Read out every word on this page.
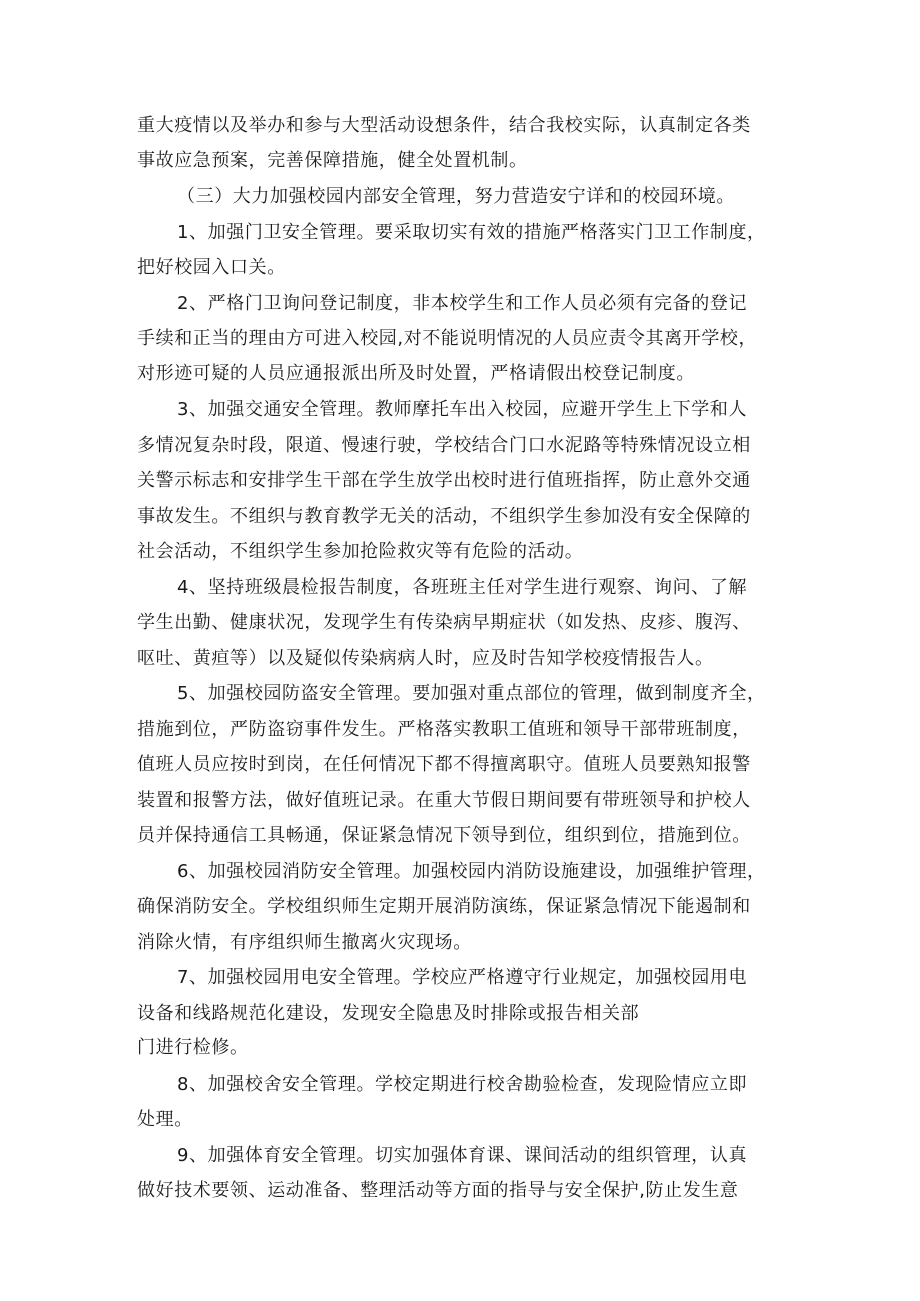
重大疫情以及举办和参与大型活动设想条件，结合我校实际，认真制定各类
事故应急预案，完善保障措施，健全处置机制。
（三）大力加强校园内部安全管理，努力营造安宁详和的校园环境。
1、加强门卫安全管理。要采取切实有效的措施严格落实门卫工作制度，
把好校园入口关。
2、严格门卫询问登记制度，非本校学生和工作人员必须有完备的登记
手续和正当的理由方可进入校园,对不能说明情况的人员应责令其离开学校，
对形迹可疑的人员应通报派出所及时处置，严格请假出校登记制度。
3、加强交通安全管理。教师摩托车出入校园，应避开学生上下学和人
多情况复杂时段，限道、慢速行驶，学校结合门口水泥路等特殊情况设立相
关警示标志和安排学生干部在学生放学出校时进行值班指挥，防止意外交通
事故发生。不组织与教育教学无关的活动，不组织学生参加没有安全保障的
社会活动，不组织学生参加抢险救灾等有危险的活动。
4、坚持班级晨检报告制度，各班班主任对学生进行观察、询问、了解
学生出勤、健康状况，发现学生有传染病早期症状（如发热、皮疹、腹泻、
呕吐、黄疸等）以及疑似传染病病人时，应及时告知学校疫情报告人。
5、加强校园防盗安全管理。要加强对重点部位的管理，做到制度齐全，
措施到位，严防盗窃事件发生。严格落实教职工值班和领导干部带班制度，
值班人员应按时到岗，在任何情况下都不得擅离职守。值班人员要熟知报警
装置和报警方法，做好值班记录。在重大节假日期间要有带班领导和护校人
员并保持通信工具畅通，保证紧急情况下领导到位，组织到位，措施到位。
6、加强校园消防安全管理。加强校园内消防设施建设，加强维护管理，
确保消防安全。学校组织师生定期开展消防演练，保证紧急情况下能遏制和
消除火情，有序组织师生撤离火灾现场。
7、加强校园用电安全管理。学校应严格遵守行业规定，加强校园用电
设备和线路规范化建设，发现安全隐患及时排除或报告相关部
门进行检修。
8、加强校舍安全管理。学校定期进行校舍勘验检查，发现险情应立即
处理。
9、加强体育安全管理。切实加强体育课、课间活动的组织管理，认真
做好技术要领、运动准备、整理活动等方面的指导与安全保护,防止发生意
